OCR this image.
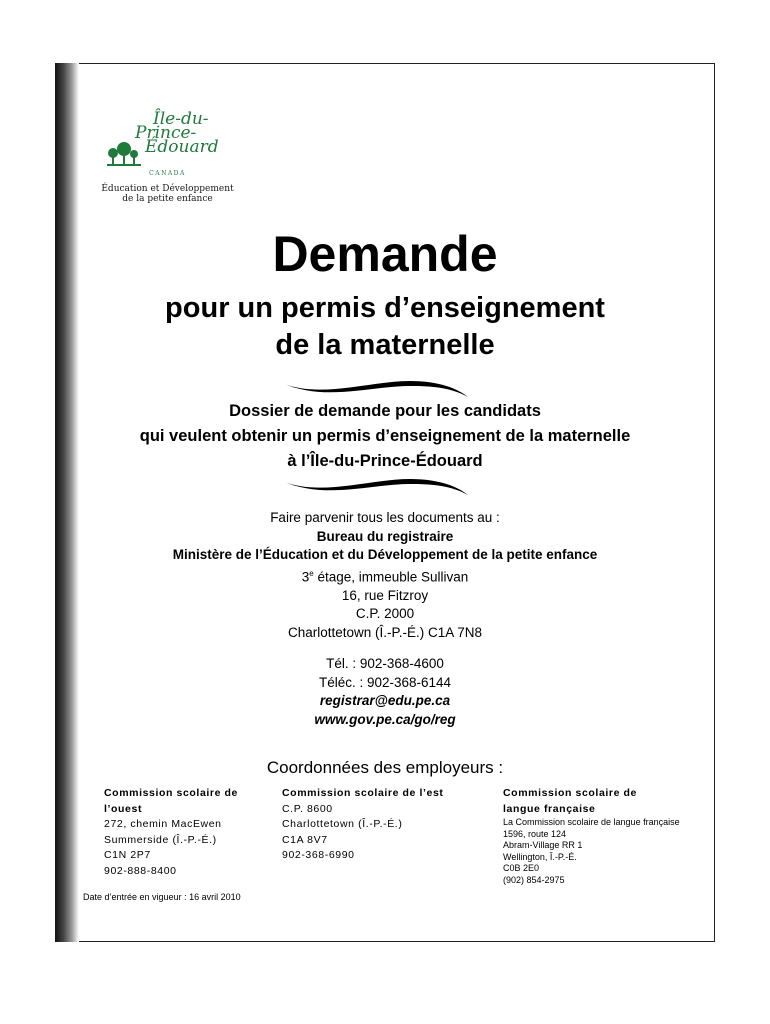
Île-du-
Prince-
Édouard
CANADA
Éducation et Développement
de la petite enfance
Demande
pour un permis d’enseignement
de la maternelle
Dossier de demande pour les candidats
qui veulent obtenir un permis d’enseignement de la maternelle
à l’Île-du-Prince-Édouard
Faire parvenir tous les documents au :
Bureau du registraire
Ministère de l’Éducation et du Développement de la petite enfance
3e étage, immeuble Sullivan
16, rue Fitzroy
C.P. 2000
Charlottetown (Î.-P.-É.) C1A 7N8
Tél. : 902-368-4600
Téléc. : 902-368-6144
registrar@edu.pe.ca
www.gov.pe.ca/go/reg
Coordonnées des employeurs :
Commission scolaire de
l’ouest
272, chemin MacEwen
Summerside (Î.-P.-É.)
C1N 2P7
902-888-8400
Commission scolaire de l’est
C.P. 8600
Charlottetown (Î.-P.-É.)
C1A 8V7
902-368-6990
Commission scolaire de
langue française
La Commission scolaire de langue française
1596, route 124
Abram-Village RR 1
Wellington, Î.-P.-É.
C0B 2E0
(902) 854-2975
Date d’entrée en vigueur : 16 avril 2010
